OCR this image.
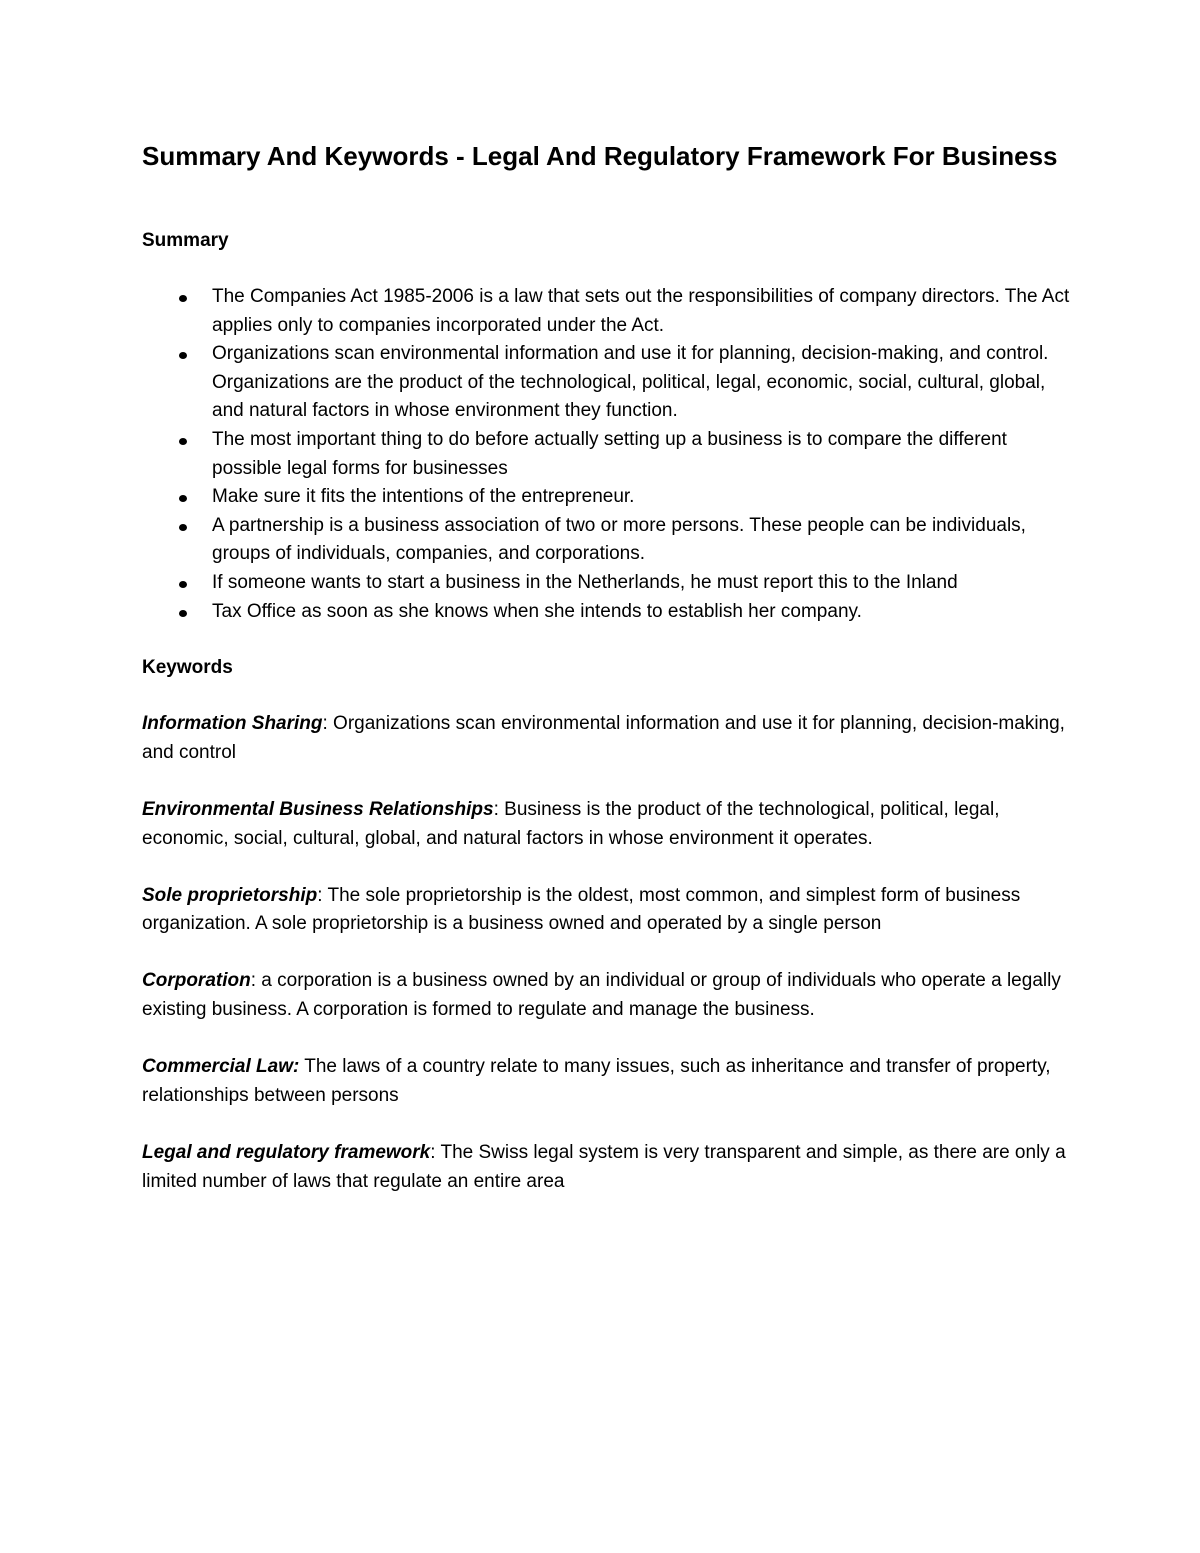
Summary And Keywords - Legal And Regulatory Framework For Business
Summary
The Companies Act 1985-2006 is a law that sets out the responsibilities of company directors. The Act applies only to companies incorporated under the Act.
Organizations scan environmental information and use it for planning, decision-making, and control. Organizations are the product of the technological, political, legal, economic, social, cultural, global, and natural factors in whose environment they function.
The most important thing to do before actually setting up a business is to compare the different possible legal forms for businesses
Make sure it fits the intentions of the entrepreneur.
A partnership is a business association of two or more persons. These people can be individuals, groups of individuals, companies, and corporations.
If someone wants to start a business in the Netherlands, he must report this to the Inland
Tax Office as soon as she knows when she intends to establish her company.
Keywords

Information Sharing: Organizations scan environmental information and use it for planning, decision-making, and control

Environmental Business Relationships: Business is the product of the technological, political, legal, economic, social, cultural, global, and natural factors in whose environment it operates.

Sole proprietorship: The sole proprietorship is the oldest, most common, and simplest form of business organization. A sole proprietorship is a business owned and operated by a single person

Corporation: a corporation is a business owned by an individual or group of individuals who operate a legally existing business. A corporation is formed to regulate and manage the business.

Commercial Law: The laws of a country relate to many issues, such as inheritance and transfer of property, relationships between persons

Legal and regulatory framework: The Swiss legal system is very transparent and simple, as there are only a limited number of laws that regulate an entire area
